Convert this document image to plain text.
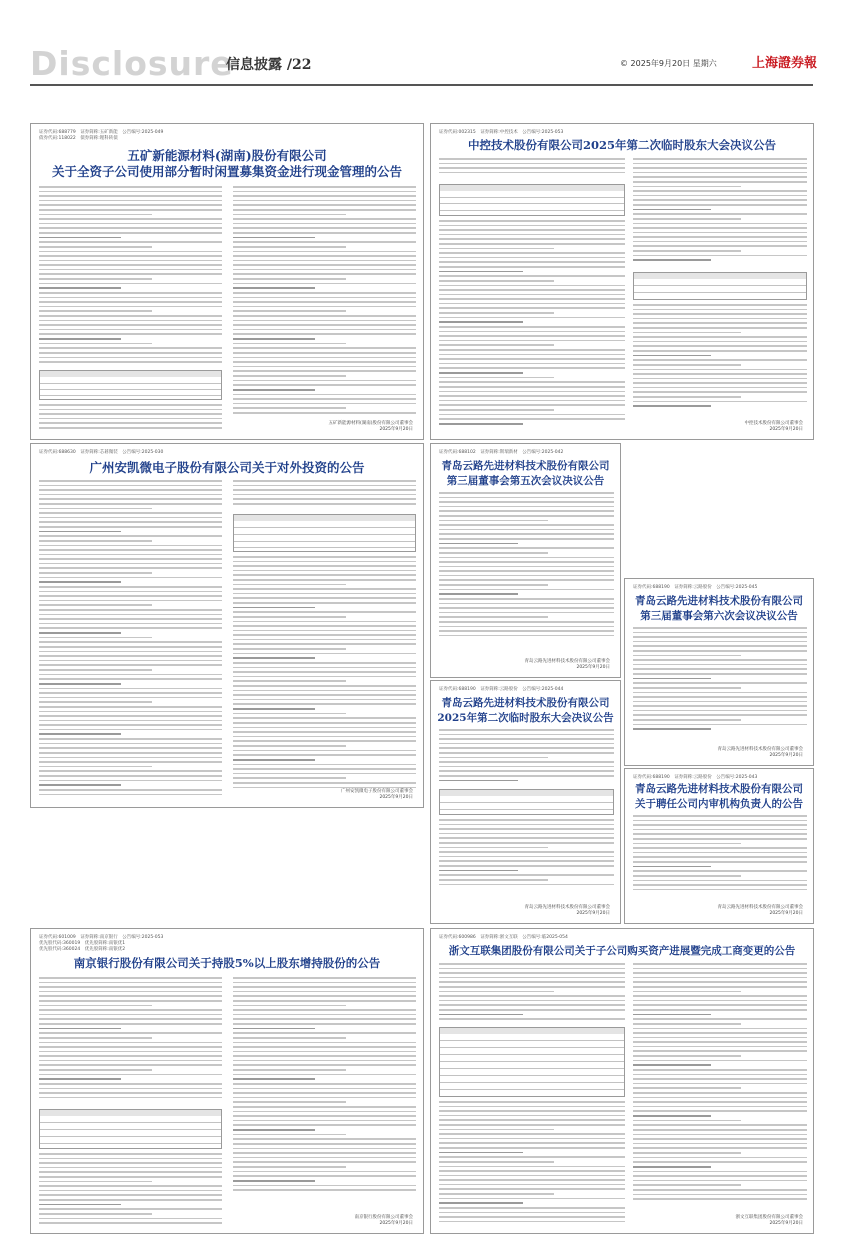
Disclosure
信息披露 /22	© 2025年9月20日 星期六	上海證券報
证券代码:688779　证券简称:五矿新能　公告编号:2025-049
债券代码:118022　债券简称:锂科转债
五矿新能源材料(湖南)股份有限公司
关于全资子公司使用部分暂时闲置募集资金进行现金管理的公告
五矿新能源材料(湖南)股份有限公司董事会
2025年9月20日
证券代码:002315　证券简称:中控技术　公告编号:2025-053
中控技术股份有限公司2025年第二次临时股东大会决议公告
中控技术股份有限公司董事会
2025年9月20日
证券代码:688630　证券简称:芯碁微装　公告编号:2025-030
广州安凯微电子股份有限公司关于对外投资的公告
广州安凯微电子股份有限公司董事会
2025年9月20日
证券代码:688102　证券简称:斯瑞新材　公告编号:2025-042
青岛云路先进材料技术股份有限公司
第三届董事会第五次会议决议公告
青岛云路先进材料技术股份有限公司董事会
2025年9月20日
证券代码:688190　证券简称:云路股份　公告编号:2025-044
青岛云路先进材料技术股份有限公司
2025年第二次临时股东大会决议公告
青岛云路先进材料技术股份有限公司董事会
2025年9月20日
证券代码:688190　证券简称:云路股份　公告编号:2025-045
青岛云路先进材料技术股份有限公司
第三届董事会第六次会议决议公告
青岛云路先进材料技术股份有限公司董事会
2025年9月20日
证券代码:688190　证券简称:云路股份　公告编号:2025-043
青岛云路先进材料技术股份有限公司
关于聘任公司内审机构负责人的公告
青岛云路先进材料技术股份有限公司董事会
2025年9月20日
证券代码:601009　证券简称:南京银行　公告编号:2025-053
优先股代码:360019　优先股简称:南银优1
优先股代码:360024　优先股简称:南银优2
南京银行股份有限公司关于持股5%以上股东增持股份的公告
南京银行股份有限公司董事会
2025年9月20日
证券代码:600986　证券简称:浙文互联　公告编号:临2025-054
浙文互联集团股份有限公司关于子公司购买资产进展暨完成工商变更的公告
浙文互联集团股份有限公司董事会
2025年9月20日
